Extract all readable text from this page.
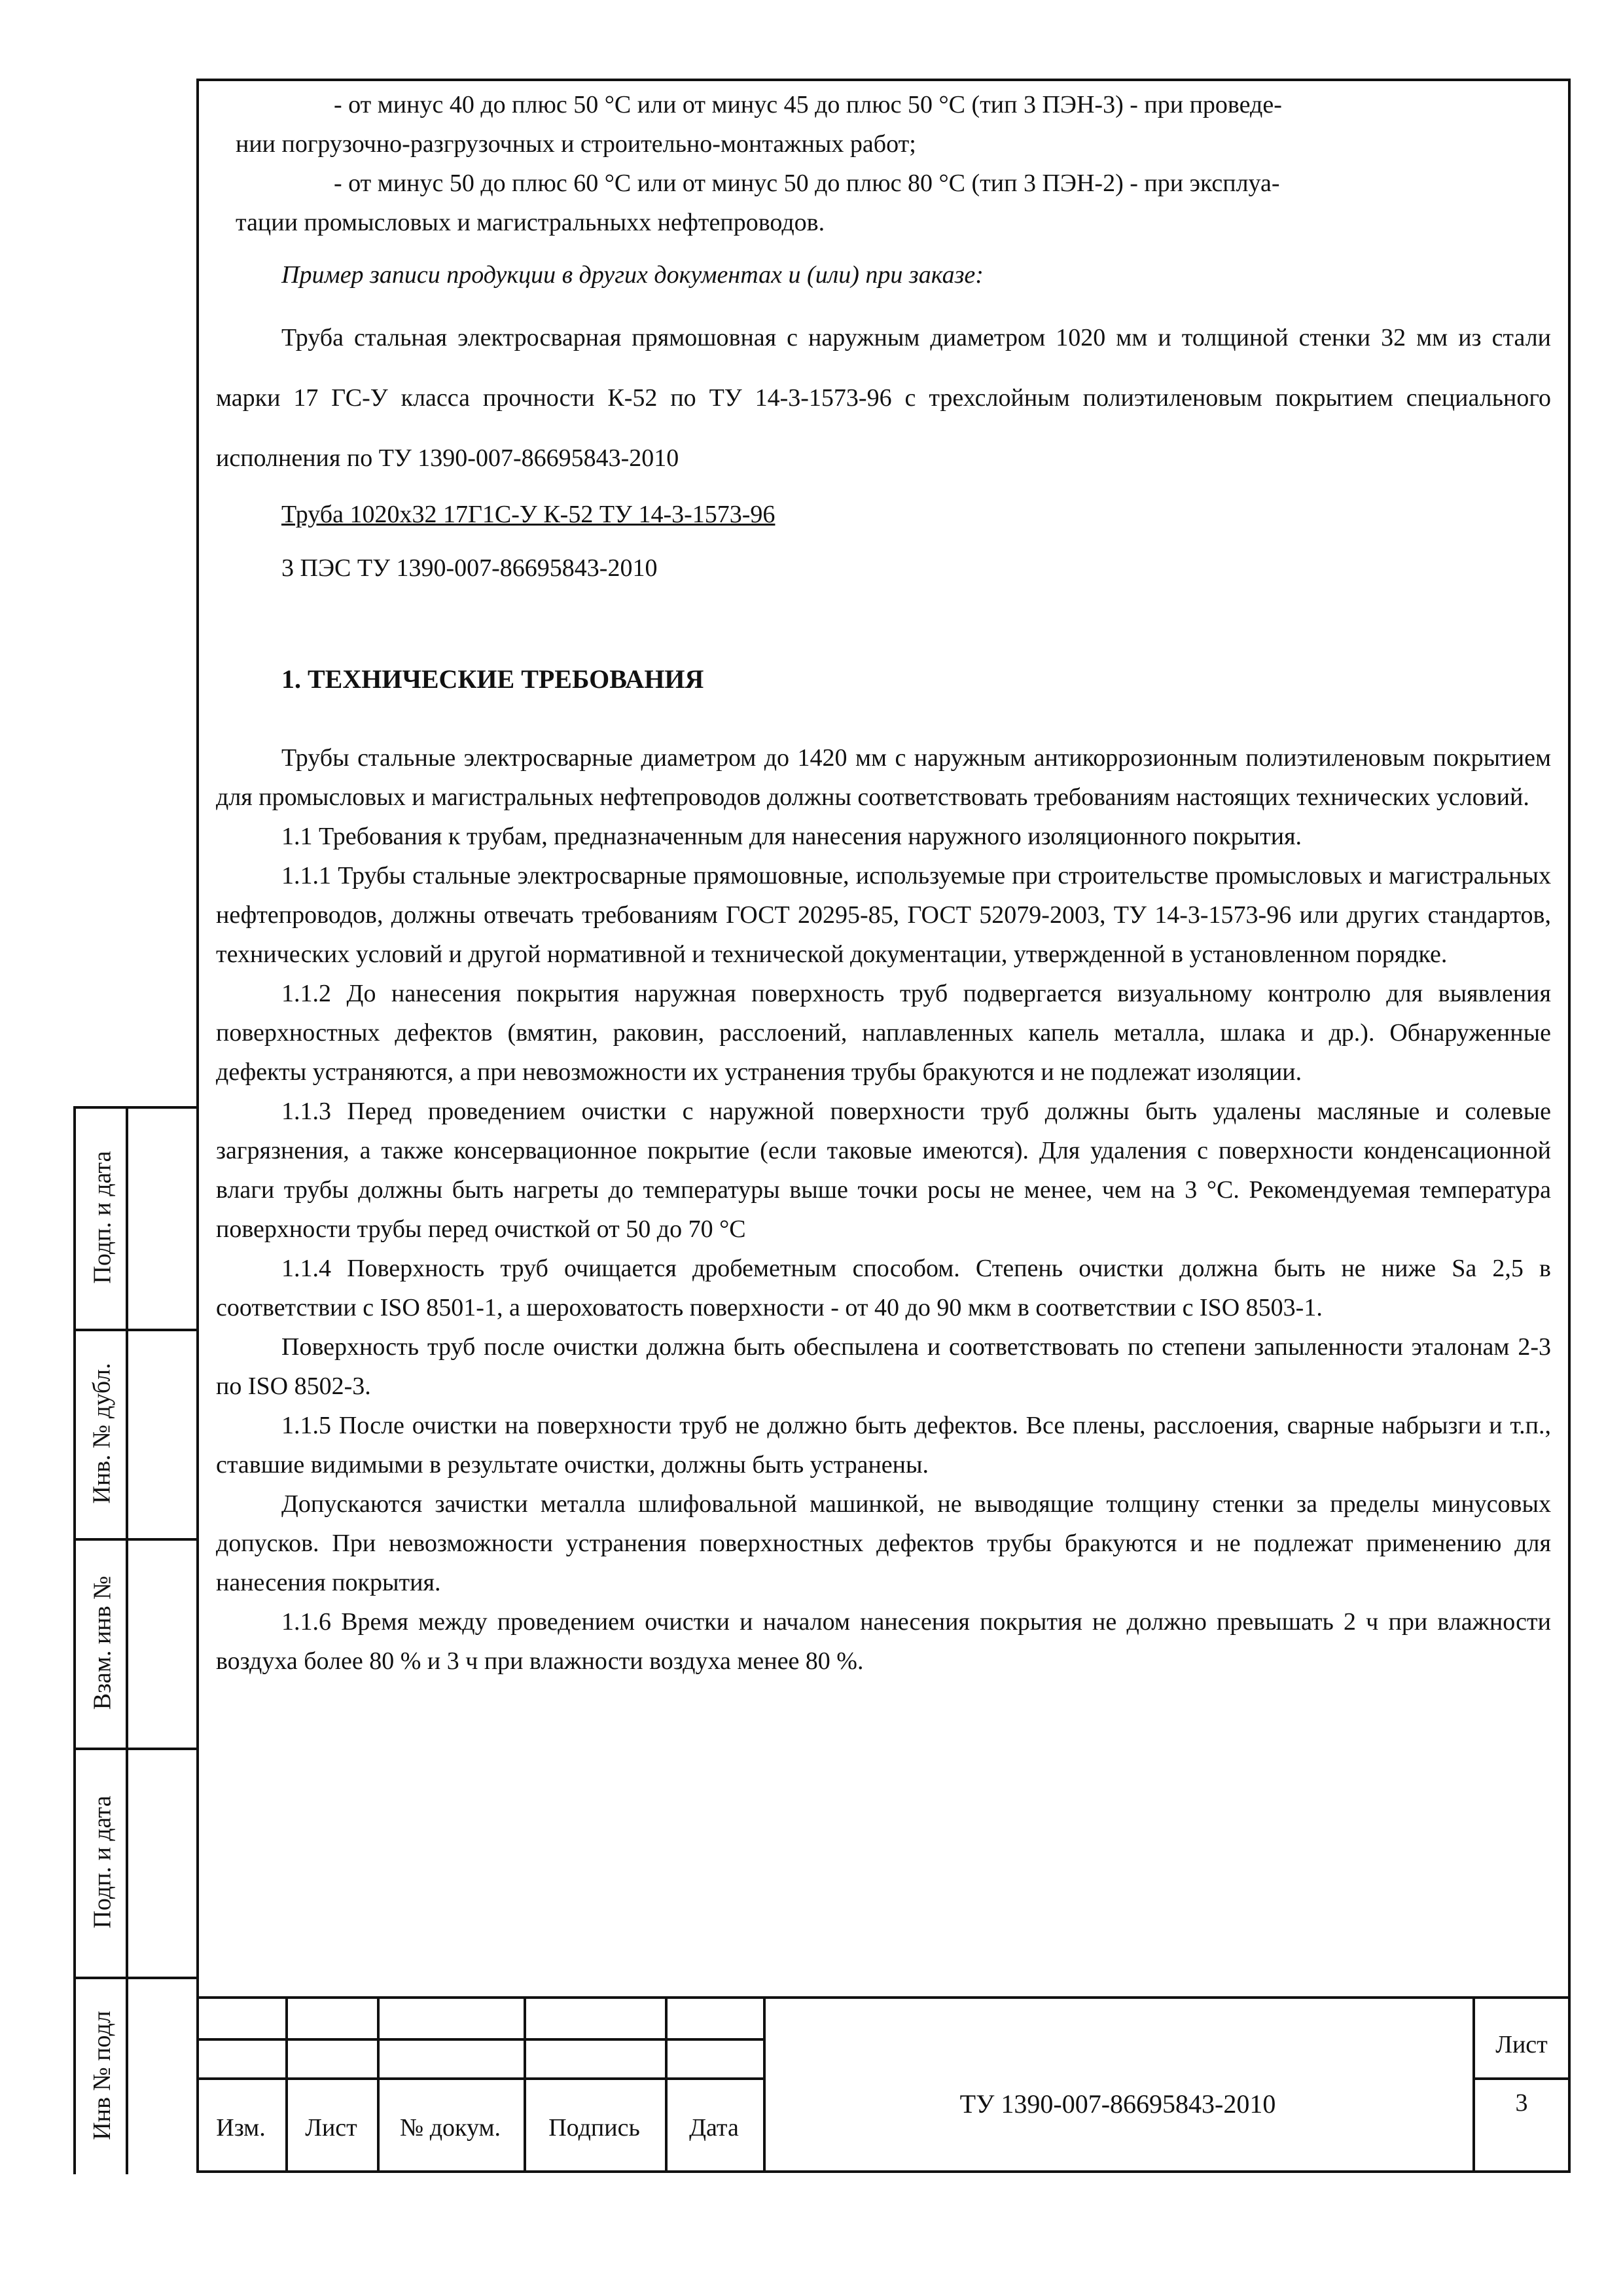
- от минус 40 до плюс 50 °С или от минус 45 до плюс 50 °С (тип 3 ПЭН-3) - при проведе-

нии погрузочно-разгрузочных и строительно-монтажных работ;

- от минус 50 до плюс 60 °С или от минус 50 до плюс 80 °С (тип 3 ПЭН-2) - при эксплуа-

тации промысловых и магистральныхх нефтепроводов.

Пример записи продукции в других документах и (или) при заказе:

Труба стальная электросварная прямошовная с наружным диаметром 1020 мм и толщиной стенки 32 мм из стали марки 17 ГС-У класса прочности К-52 по ТУ 14-3-1573-96 с трехслойным полиэтиленовым покрытием специального исполнения по ТУ 1390-007-86695843-2010

Труба 1020x32 17Г1С-У К-52 ТУ 14-3-1573-96

3 ПЭС ТУ 1390-007-86695843-2010

1. ТЕХНИЧЕСКИЕ ТРЕБОВАНИЯ

Трубы стальные электросварные диаметром до 1420 мм с наружным антикоррозионным полиэтиленовым покрытием для промысловых и магистральных нефтепроводов должны соответствовать требованиям настоящих технических условий.

1.1 Требования к трубам, предназначенным для нанесения наружного изоляционного покрытия.

1.1.1 Трубы стальные электросварные прямошовные, используемые при строительстве промысловых и магистральных нефтепроводов, должны отвечать требованиям ГОСТ 20295-85, ГОСТ 52079-2003, ТУ 14-3-1573-96 или других стандартов, технических условий и другой нормативной и технической документации, утвержденной в установленном порядке.

1.1.2 До нанесения покрытия наружная поверхность труб подвергается визуальному контролю для выявления поверхностных дефектов (вмятин, раковин, расслоений, наплавленных капель металла, шлака и др.). Обнаруженные дефекты устраняются, а при невозможности их устранения трубы бракуются и не подлежат изоляции.

1.1.3 Перед проведением очистки с наружной поверхности труб должны быть удалены масляные и солевые загрязнения, а также консервационное покрытие (если таковые имеются). Для удаления с поверхности конденсационной влаги трубы должны быть нагреты до температуры выше точки росы не менее, чем на 3 °С. Рекомендуемая температура поверхности трубы перед очисткой от 50 до 70 °С

1.1.4 Поверхность труб очищается дробеметным способом. Степень очистки должна быть не ниже Sa 2,5 в соответствии с ISO 8501-1, а шероховатость поверхности - от 40 до 90 мкм в соответствии с ISO 8503-1.

Поверхность труб после очистки должна быть обеспылена и соответствовать по степени запыленности эталонам 2-3 по ISO 8502-3.

1.1.5 После очистки на поверхности труб не должно быть дефектов. Все плены, расслоения, сварные набрызги и т.п., ставшие видимыми в результате очистки, должны быть устранены.

Допускаются зачистки металла шлифовальной машинкой, не выводящие толщину стенки за пределы минусовых допусков. При невозможности устранения поверхностных дефектов трубы бракуются и не подлежат применению для нанесения покрытия.

1.1.6 Время между проведением очистки и началом нанесения покрытия не должно превышать 2 ч при влажности воздуха более 80 % и 3 ч при влажности воздуха менее 80 %.

Подп. и дата
Инв. № дубл.
Взам. инв №
Подп. и дата
Инв № подл	Изм.	Лист	№ докум.	Подпись	Дата
ТУ 1390-007-86695843-2010
Лист
3
